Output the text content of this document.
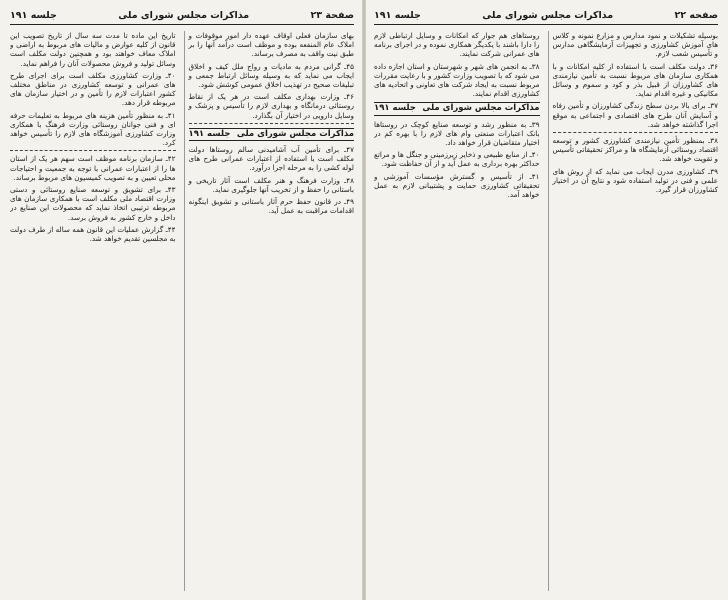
صفحة ۲۳
مذاکرات مجلس شورای ملی
جلسه ۱۹۱

بهای سازمان فعلی اوقاف عهده دار امور موقوفات و املاک عام المنفعه بوده و موظف است درآمد آنها را بر طبق نیت واقف به مصرف برساند.

۴۵ـ گرانی مردم به مادیات و رواج ملل کیف و اخلاق ایجاب می نماید که به وسیله وسائل ارتباط جمعی و تبلیغات صحیح در تهذیب اخلاق عمومی کوشش شود.

۴۶ـ وزارت بهداری مکلف است در هر یک از نقاط روستائی درمانگاه و بهداری لازم را تأسیس و پزشک و وسایل دارویی در اختیار آن بگذارد.

مذاکرات مجلس شورای ملی
جلسه ۱۹۱

۴۷ـ برای تأمین آب آشامیدنی سالم روستاها دولت مکلف است با استفاده از اعتبارات عمرانی طرح های لوله کشی را به مرحله اجرا درآورد.

۴۸ـ وزارت فرهنگ و هنر مکلف است آثار تاریخی و باستانی را حفظ و از تخریب آنها جلوگیری نماید.

۴۹ـ در قانون حفظ حرم آثار باستانی و تشویق اینگونه اقدامات مراقبت به عمل آید.

تاریخ این ماده تا مدت سه سال از تاریخ تصویب این قانون از کلیه عوارض و مالیات های مربوط به اراضی و املاک معاف خواهند بود و همچنین دولت مکلف است وسائل تولید و فروش محصولات آنان را فراهم نماید.

۴۰ـ وزارت کشاورزی مکلف است برای اجرای طرح های عمرانی و توسعه کشاورزی در مناطق مختلف کشور اعتبارات لازم را تأمین و در اختیار سازمان های مربوطه قرار دهد.

۴۱ـ به منظور تأمین هزینه های مربوط به تعلیمات حرفه ای و فنی جوانان روستائی وزارت فرهنگ با همکاری وزارت کشاورزی آموزشگاه های لازم را تأسیس خواهد کرد.

۴۲ـ سازمان برنامه موظف است سهم هر یک از استان ها را از اعتبارات عمرانی با توجه به جمعیت و احتیاجات محلی تعیین و به تصویب کمیسیون های مربوط برساند.

۴۳ـ برای تشویق و توسعه صنایع روستائی و دستی وزارت اقتصاد ملی مکلف است با همکاری سازمان های مربوطه ترتیبی اتخاذ نماید که محصولات این صنایع در داخل و خارج کشور به فروش برسد.

۴۴ـ گزارش عملیات این قانون همه ساله از طرف دولت به مجلسین تقدیم خواهد شد.

صفحه ۲۲
مذاکرات مجلس شورای ملی
جلسه ۱۹۱

بوسیله تشکیلات و نمود مدارس و مزارع نمونه و کلاس های آموزش کشاورزی و تجهیزات آزمایشگاهی مدارس و تأسیس شعب لازم.

۳۶ـ دولت مکلف است با استفاده از کلیه امکانات و با همکاری سازمان های مربوط نسبت به تأمین نیازمندی های کشاورزان از قبیل بذر و کود و سموم و وسائل مکانیکی و غیره اقدام نماید.

۳۷ـ برای بالا بردن سطح زندگی کشاورزان و تأمین رفاه و آسایش آنان طرح های اقتصادی و اجتماعی به موقع اجرا گذاشته خواهد شد.

۳۸ـ بمنظور تأمین نیازمندی کشاورزی کشور و توسعه اقتصاد روستائی آزمایشگاه ها و مراکز تحقیقاتی تأسیس و تقویت خواهد شد.

۳۹ـ کشاورزی مدرن ایجاب می نماید که از روش های علمی و فنی در تولید استفاده شود و نتایج آن در اختیار کشاورزان قرار گیرد.

روستاهای هم جوار که امکانات و وسایل ارتباطی لازم را دارا باشند با یکدیگر همکاری نموده و در اجرای برنامه های عمرانی شرکت نمایند.

۳۸ـ به انجمن های شهر و شهرستان و استان اجازه داده می شود که با تصویب وزارت کشور و با رعایت مقررات مربوط نسبت به ایجاد شرکت های تعاونی و اتحادیه های کشاورزی اقدام نمایند.

مذاکرات مجلس شورای ملی
جلسه ۱۹۱

۳۹ـ به منظور رشد و توسعه صنایع کوچک در روستاها بانک اعتبارات صنعتی وام های لازم را با بهره کم در اختیار متقاضیان قرار خواهد داد.

۴۰ـ از منابع طبیعی و ذخایر زیرزمینی و جنگل ها و مراتع حداکثر بهره برداری به عمل آید و از آن حفاظت شود.

۴۱ـ از تأسیس و گسترش مؤسسات آموزشی و تحقیقاتی کشاورزی حمایت و پشتیبانی لازم به عمل خواهد آمد.
